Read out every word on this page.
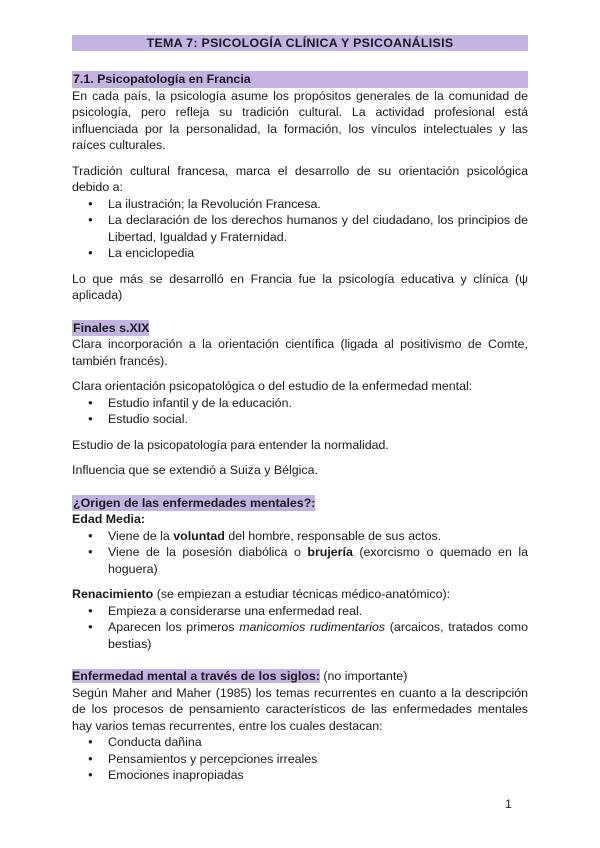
TEMA 7: PSICOLOGÍA CLÍNICA Y PSICOANÁLISIS
7.1. Psicopatología en Francia

En cada país, la psicología asume los propósitos generales de la comunidad de psicología, pero refleja su tradición cultural. La actividad profesional está influenciada por la personalidad, la formación, los vínculos intelectuales y las raíces culturales.

Tradición cultural francesa, marca el desarrollo de su orientación psicológica debido a:

● La ilustración; la Revolución Francesa.
● La declaración de los derechos humanos y del ciudadano, los principios de Libertad, Igualdad y Fraternidad.
● La enciclopedia

Lo que más se desarrolló en Francia fue la psicología educativa y clínica (ψ aplicada)

Finales s.XIX

Clara incorporación a la orientación científica (ligada al positivismo de Comte, también francés).

Clara orientación psicopatológica o del estudio de la enfermedad mental:

● Estudio infantil y de la educación.
● Estudio social.

Estudio de la psicopatología para entender la normalidad.

Influencia que se extendió a Suiza y Bélgica.

¿Origen de las enfermedades mentales?:

Edad Media:

● Viene de la voluntad del hombre, responsable de sus actos.
● Viene de la posesión diabólica o brujería (exorcismo o quemado en la hoguera)

Renacimiento (se empiezan a estudiar técnicas médico-anatómico):

● Empieza a considerarse una enfermedad real.
● Aparecen los primeros manicomios rudimentarios (arcaicos, tratados como bestias)

Enfermedad mental a través de los siglos: (no importante)

Según Maher and Maher (1985) los temas recurrentes en cuanto a la descripción de los procesos de pensamiento característicos de las enfermedades mentales hay varios temas recurrentes, entre los cuales destacan:

● Conducta dañina
● Pensamientos y percepciones irreales
● Emociones inapropiadas
1
